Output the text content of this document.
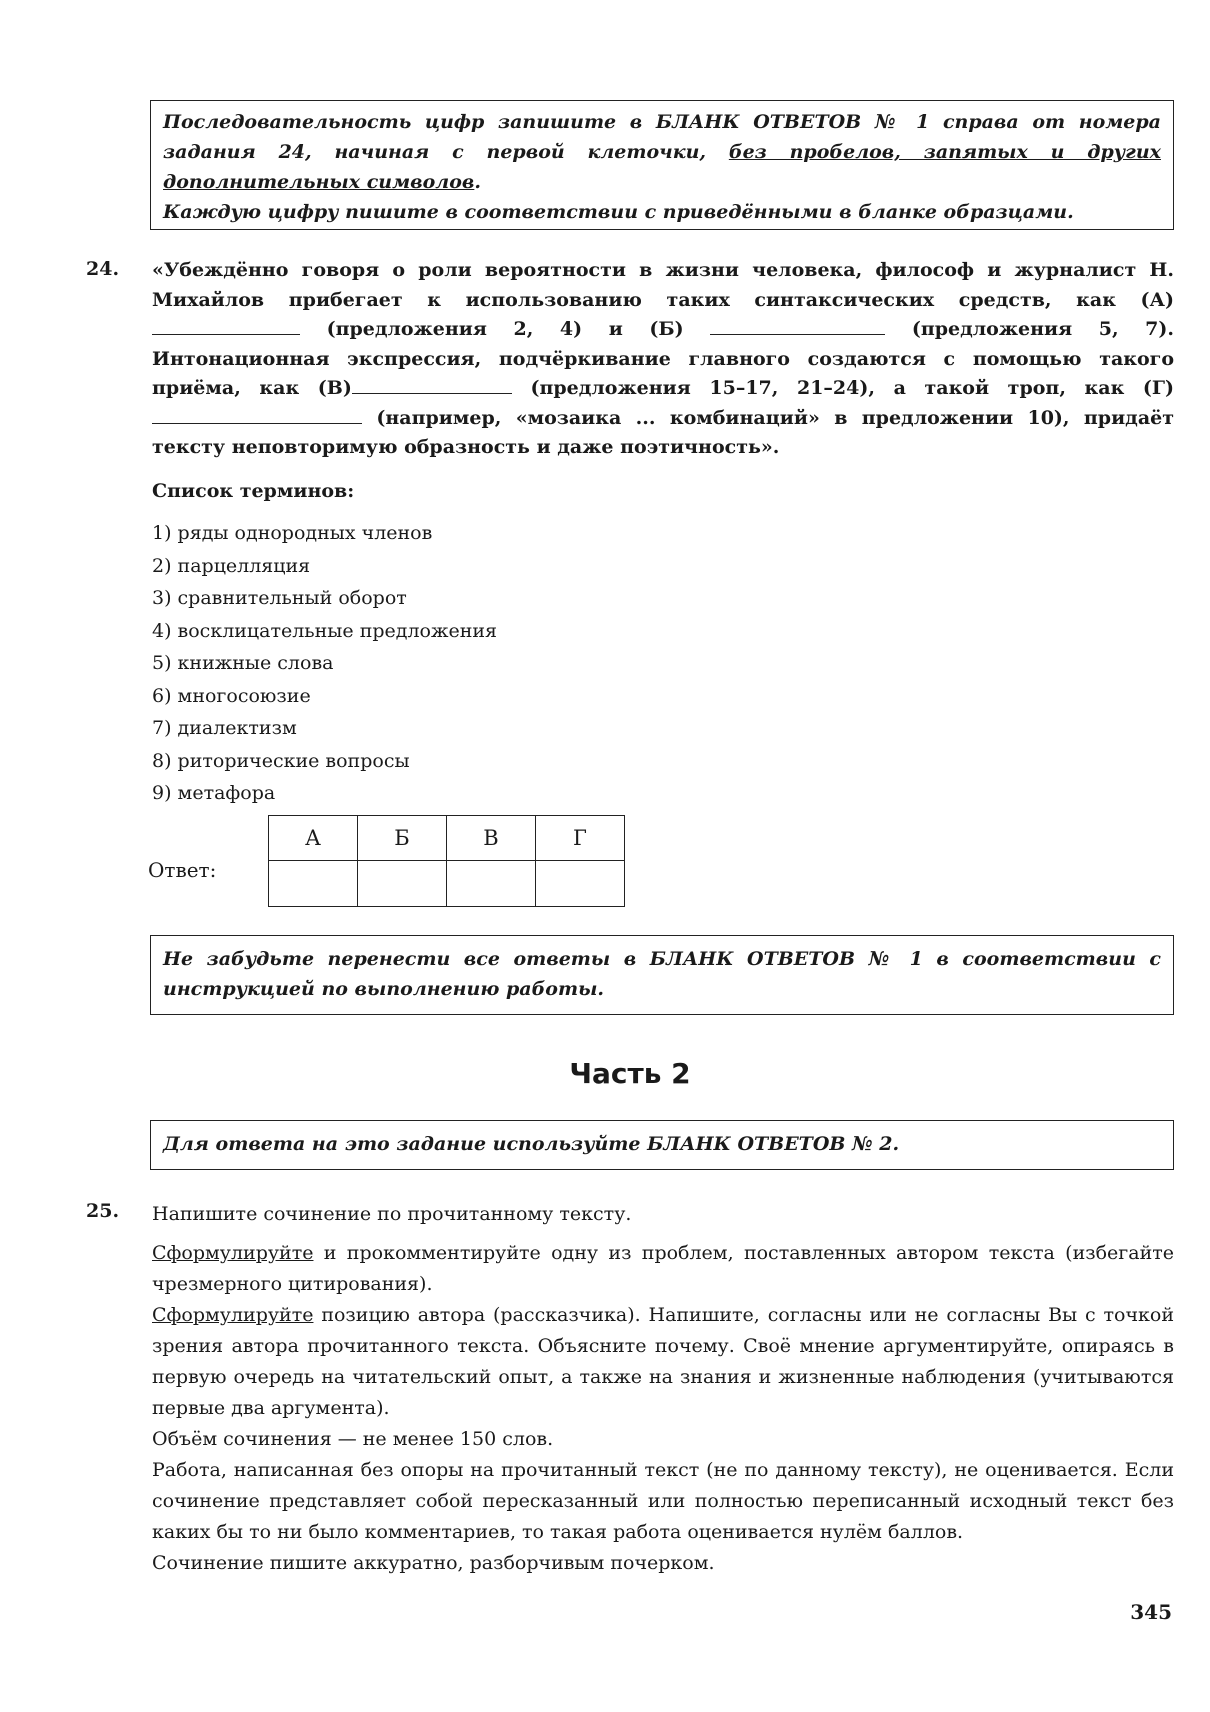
Последовательность цифр запишите в БЛАНК ОТВЕТОВ № 1 справа от номера задания 24, начиная с первой клеточки, без пробелов, запятых и других дополнительных символов.

Каждую цифру пишите в соответствии с приведёнными в бланке образцами.

24. «Убеждённо говоря о роли вероятности в жизни человека, философ и журналист Н. Михайлов прибегает к использованию таких синтаксических средств, как (А)  (предложения 2, 4) и (Б)	(предложения 5, 7). Интонационная экспрессия, подчёркивание главного создаются с помощью такого приёма, как (В)	(предложения 15–17, 21–24), а такой троп, как (Г)  (например, «мозаика ... комбинаций» в предложении 10), придаёт тексту неповторимую образность и даже поэтичность».
Список терминов:
1) ряды однородных членов
2) парцелляция
3) сравнительный оборот
4) восклицательные предложения
5) книжные слова
6) многосоюзие
7) диалектизм
8) риторические вопросы
9) метафора
Ответ:
А	Б	В	Г

Не забудьте перенести все ответы в БЛАНК ОТВЕТОВ № 1 в соответствии с инструкцией по выполнению работы.

Часть 2

Для ответа на это задание используйте БЛАНК ОТВЕТОВ № 2.

25. Напишите сочинение по прочитанному тексту.

Сформулируйте и прокомментируйте одну из проблем, поставленных автором текста (избегайте чрезмерного цитирования).

Сформулируйте позицию автора (рассказчика). Напишите, согласны или не согласны Вы с точкой зрения автора прочитанного текста. Объясните почему. Своё мнение аргументируйте, опираясь в первую очередь на читательский опыт, а также на знания и жизненные наблюдения (учитываются первые два аргумента).

Объём сочинения — не менее 150 слов.

Работа, написанная без опоры на прочитанный текст (не по данному тексту), не оценивается. Если сочинение представляет собой пересказанный или полностью переписанный исходный текст без каких бы то ни было комментариев, то такая работа оценивается нулём баллов.

Сочинение пишите аккуратно, разборчивым почерком.

345
